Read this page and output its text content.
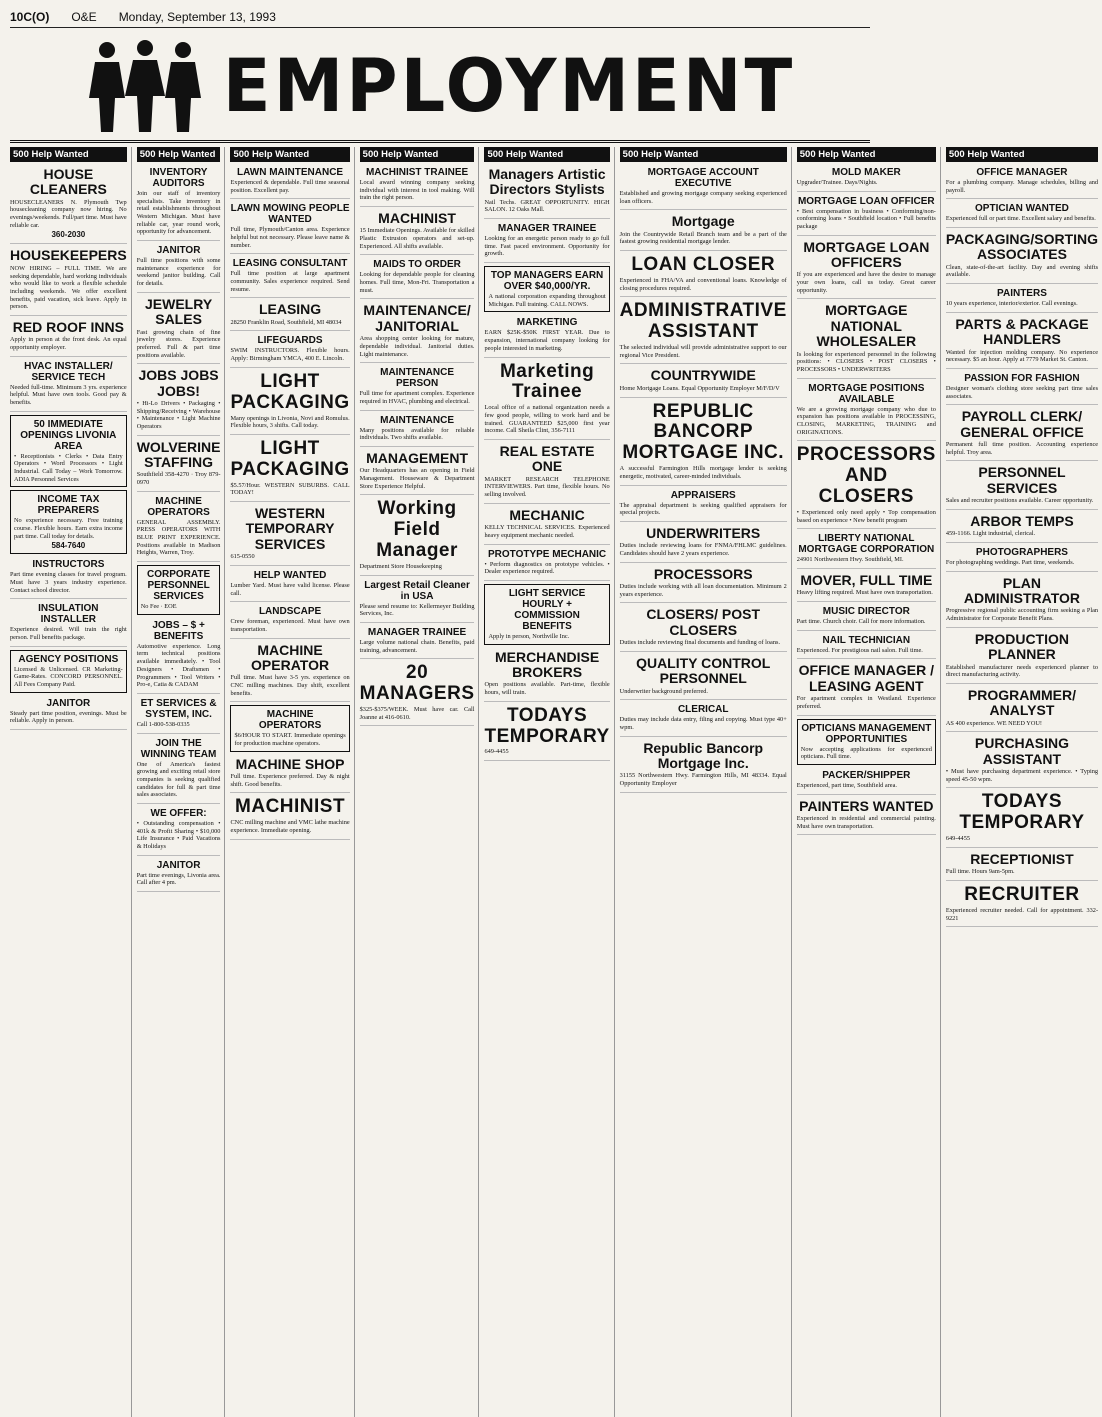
10C(O) O&E Monday, September 13, 1993
EMPLOYMENT
500 Help Wanted
HOUSE CLEANERS

HOUSECLEANERS N. Plymouth Twp housecleaning company now hiring. No evenings/weekends. Full/part time. Must have reliable car.

360-2030
HOUSEKEEPERS

NOW HIRING – FULL TIME. We are seeking dependable, hard working individuals who would like to work a flexible schedule including weekends. We offer excellent benefits, paid vacation, sick leave. Apply in person.

RED ROOF INNS

Apply in person at the front desk. An equal opportunity employer.

HVAC INSTALLER/ SERVICE TECH

Needed full-time. Minimum 3 yrs. experience helpful. Must have own tools. Good pay & benefits.

50 IMMEDIATE OPENINGS LIVONIA AREA

• Receptionists • Clerks • Data Entry Operators • Word Processors • Light Industrial. Call Today – Work Tomorrow. ADIA Personnel Services

INCOME TAX PREPARERS

No experience necessary. Free training course. Flexible hours. Earn extra income part time. Call today for details.

584-7640
INSTRUCTORS

Part time evening classes for travel program. Must have 3 years industry experience. Contact school director.

INSULATION INSTALLER

Experience desired. Will train the right person. Full benefits package.

AGENCY POSITIONS

Licensed & Unlicensed. CR Marketing-Game-Rates. CONCORD PERSONNEL. All Fees Company Paid.

JANITOR

Steady part time position, evenings. Must be reliable. Apply in person.

500 Help Wanted
INVENTORY AUDITORS

Join our staff of inventory specialists. Take inventory in retail establishments throughout Western Michigan. Must have reliable car, year round work, opportunity for advancement.

JANITOR

Full time positions with some maintenance experience for weekend janitor building. Call for details.

JEWELRY SALES

Fast growing chain of fine jewelry stores. Experience preferred. Full & part time positions available.

JOBS JOBS JOBS!

• Hi-Lo Drivers • Packaging • Shipping/Receiving • Warehouse • Maintenance • Light Machine Operators

WOLVERINE STAFFING

Southfield 358-4270 · Troy 879-0970

MACHINE OPERATORS

GENERAL ASSEMBLY. PRESS OPERATORS WITH BLUE PRINT EXPERIENCE. Positions available in Madison Heights, Warren, Troy.

CORPORATE PERSONNEL SERVICES

No Fee · EOE

JOBS – $ + BENEFITS

Automotive experience. Long term technical positions available immediately. • Tool Designers • Draftsmen • Programmers • Tool Writers • Pro-e, Catia & CADAM

ET SERVICES & SYSTEM, INC.

Call 1-800-538-0335

JOIN THE WINNING TEAM

One of America's fastest growing and exciting retail store companies is seeking qualified candidates for full & part time sales associates.

WE OFFER:

• Outstanding compensation • 401k & Profit Sharing • $10,000 Life Insurance • Paid Vacations & Holidays

JANITOR

Part time evenings, Livonia area. Call after 4 pm.

500 Help Wanted
LAWN MAINTENANCE

Experienced & dependable. Full time seasonal position. Excellent pay.

LAWN MOWING PEOPLE WANTED

Full time, Plymouth/Canton area. Experience helpful but not necessary. Please leave name & number.

LEASING CONSULTANT

Full time position at large apartment community. Sales experience required. Send resume.

LEASING

28250 Franklin Road, Southfield, MI 48034

LIFEGUARDS

SWIM INSTRUCTORS. Flexible hours. Apply: Birmingham YMCA, 400 E. Lincoln.

LIGHT PACKAGING

Many openings in Livonia, Novi and Romulus. Flexible hours, 3 shifts. Call today.

LIGHT PACKAGING

$5.57/Hour. WESTERN SUBURBS. CALL TODAY!

WESTERN TEMPORARY SERVICES

615-0550

HELP WANTED

Lumber Yard. Must have valid license. Please call.

LANDSCAPE

Crew foreman, experienced. Must have own transportation.

MACHINE OPERATOR

Full time. Must have 3-5 yrs. experience on CNC milling machines. Day shift, excellent benefits.

MACHINE OPERATORS

$6/HOUR TO START. Immediate openings for production machine operators.

MACHINE SHOP

Full time. Experience preferred. Day & night shift. Good benefits.

MACHINIST

CNC milling machine and VMC lathe machine experience. Immediate opening.

500 Help Wanted
MACHINIST TRAINEE

Local award winning company seeking individual with interest in tool making. Will train the right person.

MACHINIST

15 Immediate Openings. Available for skilled Plastic Extrusion operators and set-up. Experienced. All shifts available.

MAIDS TO ORDER

Looking for dependable people for cleaning homes. Full time, Mon-Fri. Transportation a must.

MAINTENANCE/ JANITORIAL

Area shopping center looking for mature, dependable individual. Janitorial duties. Light maintenance.

MAINTENANCE PERSON

Full time for apartment complex. Experience required in HVAC, plumbing and electrical.

MAINTENANCE

Many positions available for reliable individuals. Two shifts available.

MANAGEMENT

Our Headquarters has an opening in Field Management. Houseware & Department Store Experience Helpful.

Working Field Manager

Department Store Housekeeping

Largest Retail Cleaner in USA

Please send resume to: Kellermeyer Building Services, Inc.

MANAGER TRAINEE

Large volume national chain. Benefits, paid training, advancement.

20 MANAGERS

$325-$375/WEEK. Must have car. Call Joanne at 416-0610.

500 Help Wanted
Managers Artistic Directors Stylists

Nail Techs. GREAT OPPORTUNITY. HIGH SALON. 12 Oaks Mall.

MANAGER TRAINEE

Looking for an energetic person ready to go full time. Fast paced environment. Opportunity for growth.

TOP MANAGERS EARN OVER $40,000/YR.

A national corporation expanding throughout Michigan. Full training. CALL NOWS.

MARKETING

EARN $25K-$50K FIRST YEAR. Due to expansion, international company looking for people interested in marketing.

Marketing Trainee

Local office of a national organization needs a few good people, willing to work hard and be trained. GUARANTEED $25,000 first year income. Call Sheila Clint, 356-7111

REAL ESTATE ONE

MARKET RESEARCH TELEPHONE INTERVIEWERS. Part time, flexible hours. No selling involved.

MECHANIC

KELLY TECHNICAL SERVICES. Experienced heavy equipment mechanic needed.

PROTOTYPE MECHANIC

• Perform diagnostics on prototype vehicles. • Dealer experience required.

LIGHT SERVICE HOURLY + COMMISSION BENEFITS

Apply in person, Northville Inc.

MERCHANDISE BROKERS

Open positions available. Part-time, flexible hours, will train.

TODAYS TEMPORARY

649-4455

500 Help Wanted
MORTGAGE ACCOUNT EXECUTIVE

Established and growing mortgage company seeking experienced loan officers.

Mortgage

Join the Countrywide Retail Branch team and be a part of the fastest growing residential mortgage lender.

LOAN CLOSER

Experienced in FHA/VA and conventional loans. Knowledge of closing procedures required.

ADMINISTRATIVE ASSISTANT

The selected individual will provide administrative support to our regional Vice President.

COUNTRYWIDE

Home Mortgage Loans. Equal Opportunity Employer M/F/D/V

REPUBLIC BANCORP MORTGAGE INC.

A successful Farmington Hills mortgage lender is seeking energetic, motivated, career-minded individuals.

APPRAISERS

The appraisal department is seeking qualified appraisers for special projects.

UNDERWRITERS

Duties include reviewing loans for FNMA/FHLMC guidelines. Candidates should have 2 years experience.

PROCESSORS

Duties include working with all loan documentation. Minimum 2 years experience.

CLOSERS/ POST CLOSERS

Duties include reviewing final documents and funding of loans.

QUALITY CONTROL PERSONNEL

Underwriter background preferred.

CLERICAL

Duties may include data entry, filing and copying. Must type 40+ wpm.

Republic Bancorp Mortgage Inc.

31155 Northwestern Hwy. Farmington Hills, MI 48334. Equal Opportunity Employer

500 Help Wanted
MOLD MAKER

Upgrader/Trainee. Days/Nights.

MORTGAGE LOAN OFFICER

• Best compensation in business • Conforming/non-conforming loans • Southfield location • Full benefits package

MORTGAGE LOAN OFFICERS

If you are experienced and have the desire to manage your own loans, call us today. Great career opportunity.

MORTGAGE NATIONAL WHOLESALER

Is looking for experienced personnel in the following positions: • CLOSERS • POST CLOSERS • PROCESSORS • UNDERWRITERS

MORTGAGE POSITIONS AVAILABLE

We are a growing mortgage company who due to expansion has positions available in PROCESSING, CLOSING, MARKETING, TRAINING and ORIGINATIONS.

PROCESSORS AND CLOSERS

• Experienced only need apply • Top compensation based on experience • New benefit program

LIBERTY NATIONAL MORTGAGE CORPORATION

24901 Northwestern Hwy. Southfield, MI.

MOVER, FULL TIME

Heavy lifting required. Must have own transportation.

MUSIC DIRECTOR

Part time. Church choir. Call for more information.

NAIL TECHNICIAN

Experienced. For prestigious nail salon. Full time.

OFFICE MANAGER / LEASING AGENT

For apartment complex in Westland. Experience preferred.

OPTICIANS MANAGEMENT OPPORTUNITIES

Now accepting applications for experienced opticians. Full time.

PACKER/SHIPPER

Experienced, part time, Southfield area.

PAINTERS WANTED

Experienced in residential and commercial painting. Must have own transportation.

500 Help Wanted
OFFICE MANAGER

For a plumbing company. Manage schedules, billing and payroll.

OPTICIAN WANTED

Experienced full or part time. Excellent salary and benefits.

PACKAGING/SORTING ASSOCIATES

Clean, state-of-the-art facility. Day and evening shifts available.

PAINTERS

10 years experience, interior/exterior. Call evenings.

PARTS & PACKAGE HANDLERS

Wanted for injection molding company. No experience necessary. $5 an hour. Apply at 7779 Market St. Canton.

PASSION FOR FASHION

Designer woman's clothing store seeking part time sales associates.

PAYROLL CLERK/ GENERAL OFFICE

Permanent full time position. Accounting experience helpful. Troy area.

PERSONNEL SERVICES

Sales and recruiter positions available. Career opportunity.

ARBOR TEMPS

459-1166. Light industrial, clerical.

PHOTOGRAPHERS

For photographing weddings. Part time, weekends.

PLAN ADMINISTRATOR

Progressive regional public accounting firm seeking a Plan Administrator for Corporate Benefit Plans.

PRODUCTION PLANNER

Established manufacturer needs experienced planner to direct manufacturing activity.

PROGRAMMER/ ANALYST

AS 400 experience. WE NEED YOU!

PURCHASING ASSISTANT

• Must have purchasing department experience. • Typing speed 45-50 wpm.

TODAYS TEMPORARY

649-4455

RECEPTIONIST

Full time. Hours 9am-5pm.

RECRUITER

Experienced recruiter needed. Call for appointment. 332-9221
